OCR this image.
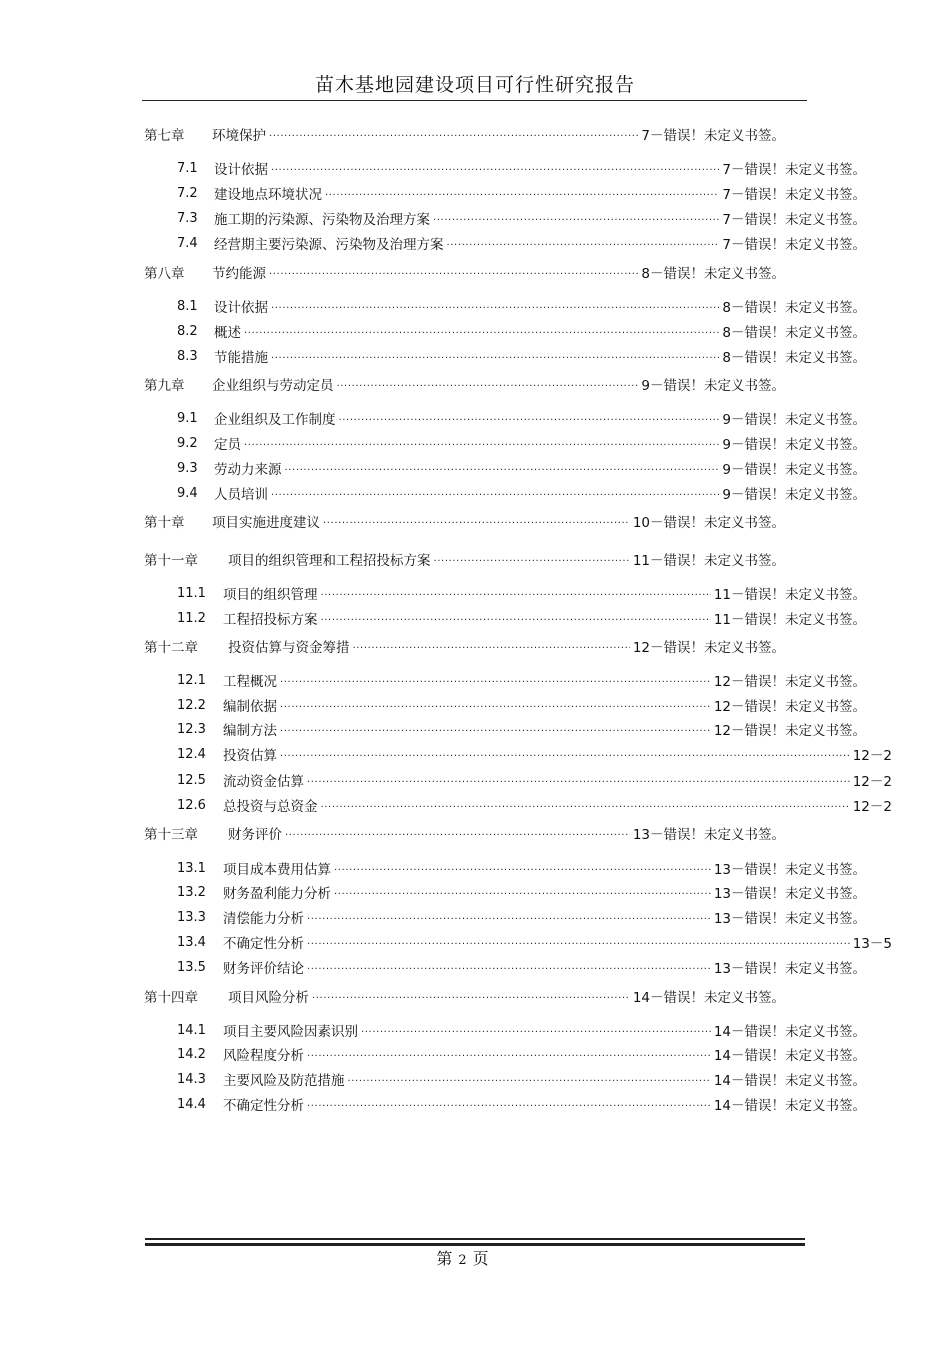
苗木基地园建设项目可行性研究报告
第七章	环境保护 .....	7－错误！未定义书签。
7.1	设计依据 .....	7－错误！未定义书签。
7.2	建设地点环境状况 .....	7－错误！未定义书签。
7.3	施工期的污染源、污染物及治理方案 .....	7－错误！未定义书签。
7.4	经营期主要污染源、污染物及治理方案 .....	7－错误！未定义书签。
第八章	节约能源 .....	8－错误！未定义书签。
8.1	设计依据 .....	8－错误！未定义书签。
8.2	概述 .....	8－错误！未定义书签。
8.3	节能措施 .....	8－错误！未定义书签。
第九章	企业组织与劳动定员 .....	9－错误！未定义书签。
9.1	企业组织及工作制度 .....	9－错误！未定义书签。
9.2	定员 .....	9－错误！未定义书签。
9.3	劳动力来源 .....	9－错误！未定义书签。
9.4	人员培训 .....	9－错误！未定义书签。
第十章	项目实施进度建议 .....	10－错误！未定义书签。
第十一章	项目的组织管理和工程招投标方案 .....	11－错误！未定义书签。
11.1	项目的组织管理 .....	11－错误！未定义书签。
11.2	工程招投标方案 .....	11－错误！未定义书签。
第十二章	投资估算与资金筹措 .....	12－错误！未定义书签。
12.1	工程概况 .....	12－错误！未定义书签。
12.2	编制依据 .....	12－错误！未定义书签。
12.3	编制方法 .....	12－错误！未定义书签。
12.4	投资估算 .....	12－2
12.5	流动资金估算 .....	12－2
12.6	总投资与总资金 .....	12－2
第十三章	财务评价 .....	13－错误！未定义书签。
13.1	项目成本费用估算 .....	13－错误！未定义书签。
13.2	财务盈利能力分析 .....	13－错误！未定义书签。
13.3	清偿能力分析 .....	13－错误！未定义书签。
13.4	不确定性分析 .....	13－5
13.5	财务评价结论 .....	13－错误！未定义书签。
第十四章	项目风险分析 .....	14－错误！未定义书签。
14.1	项目主要风险因素识别 .....	14－错误！未定义书签。
14.2	风险程度分析 .....	14－错误！未定义书签。
14.3	主要风险及防范措施 .....	14－错误！未定义书签。
14.4	不确定性分析 .....	14－错误！未定义书签。
第 2 页
